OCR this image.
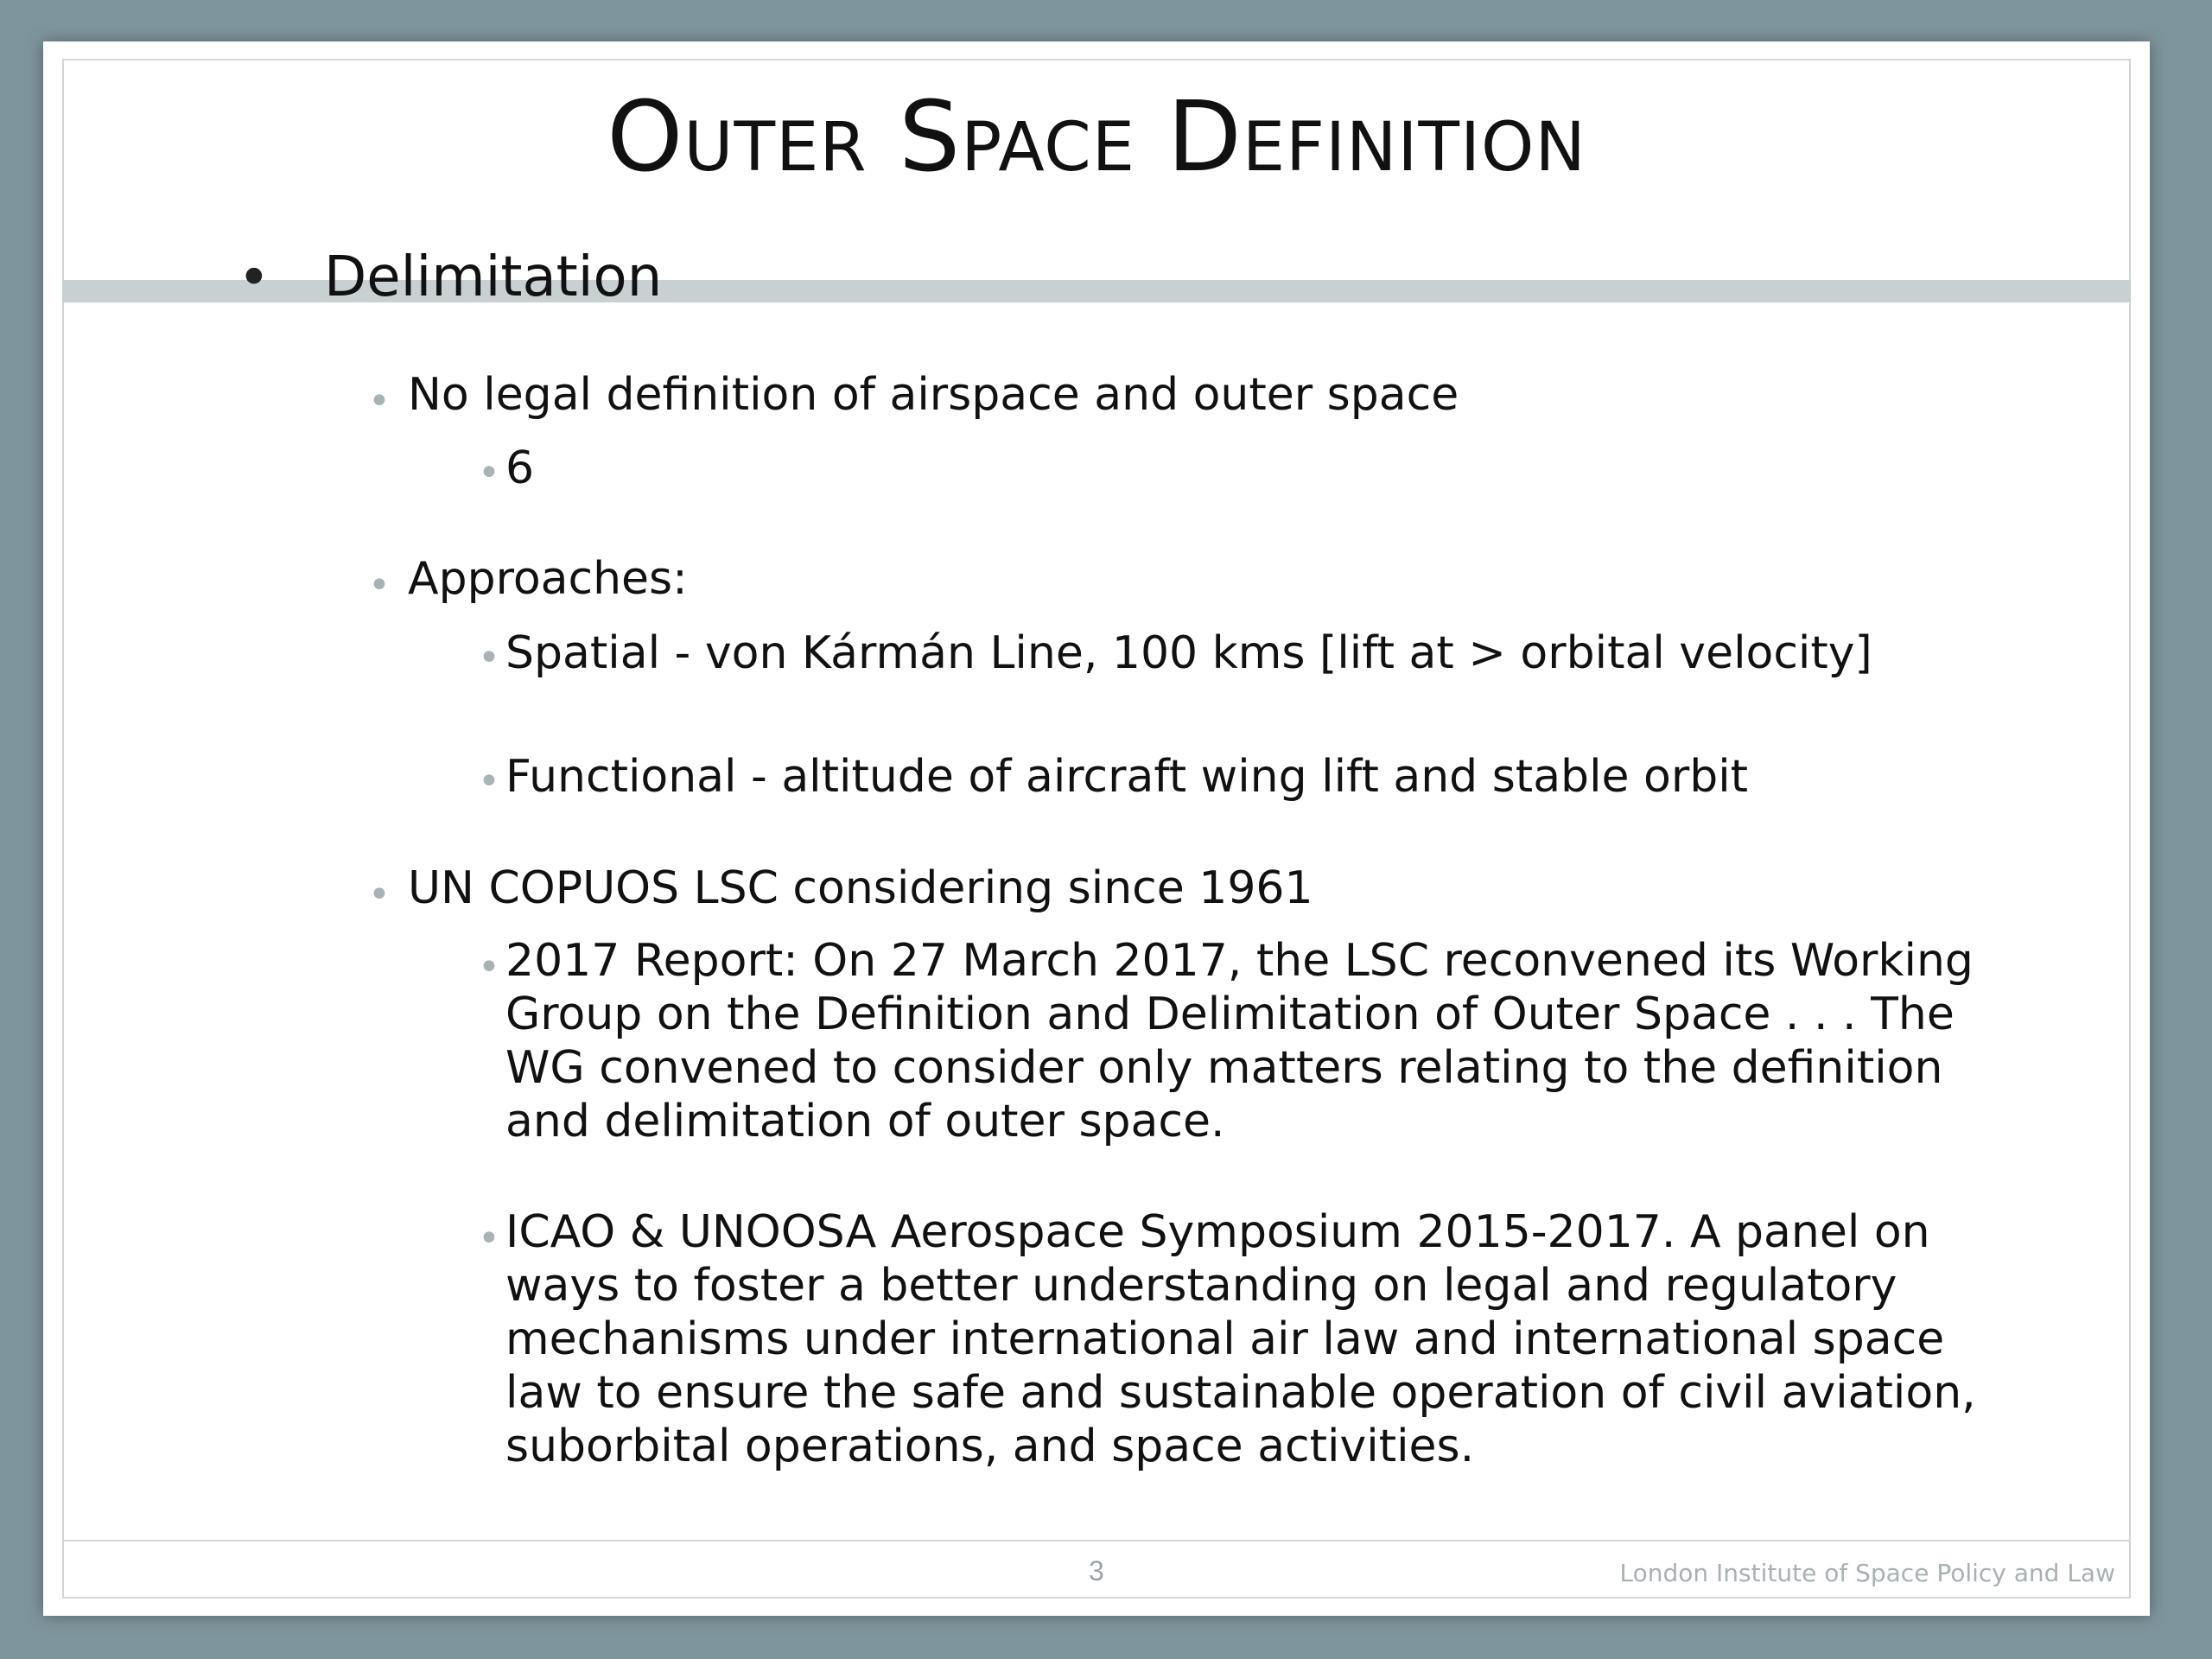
Outer Space Definition
• Delimitation
• No legal definition of airspace and outer space
• 6
• Approaches:
• Spatial - von Kármán Line, 100 kms [lift at > orbital velocity]
• Functional - altitude of aircraft wing lift and stable orbit
• UN COPUOS LSC considering since 1961
• 2017 Report: On 27 March 2017, the LSC reconvened its Working Group on the Definition and Delimitation of Outer Space . . . The WG convened to consider only matters relating to the definition and delimitation of outer space.
• ICAO & UNOOSA Aerospace Symposium 2015-2017. A panel on ways to foster a better understanding on legal and regulatory mechanisms under international air law and international space law to ensure the safe and sustainable operation of civil aviation, suborbital operations, and space activities.
3	London Institute of Space Policy and Law
